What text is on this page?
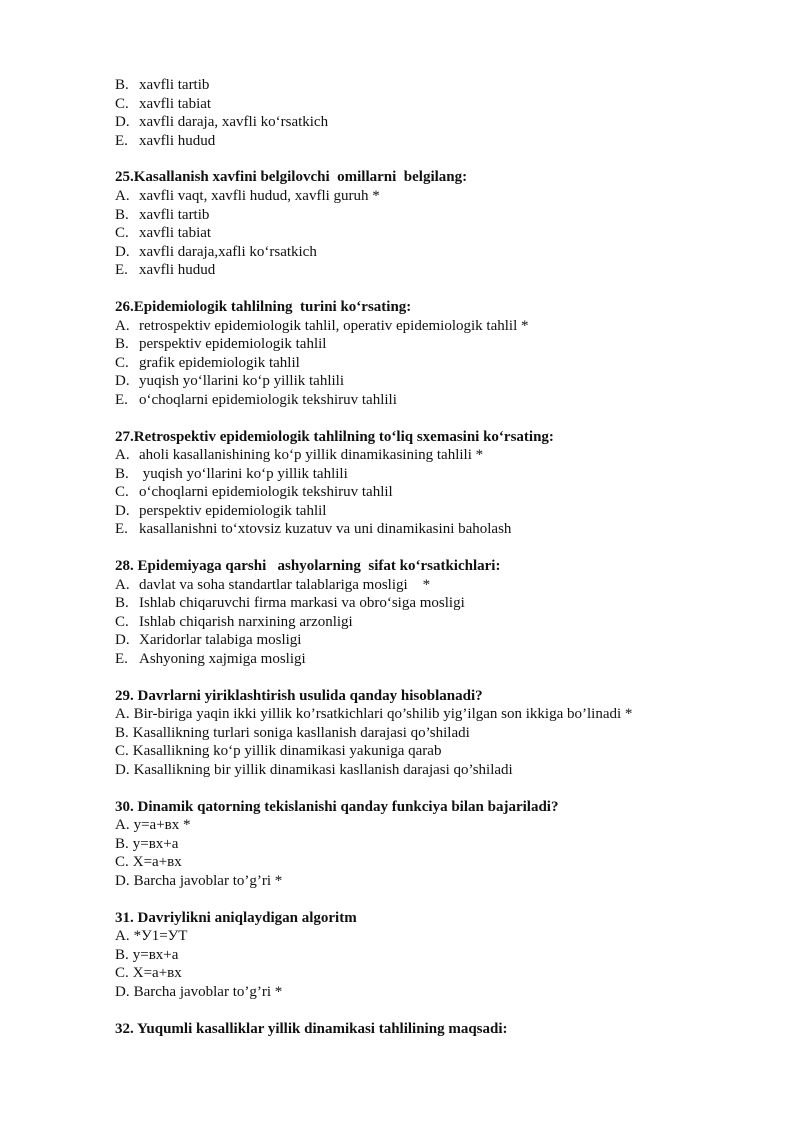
B. xavfli tartib
C. xavfli tabiat
D. xavfli daraja, xavfli koʻrsatkich
E. xavfli hudud
25.Kasallanish xavfini belgilovchi  omillarni  belgilang:
A. xavfli vaqt, xavfli hudud, xavfli guruh *
B. xavfli tartib
C. xavfli tabiat
D. xavfli daraja,xafli koʻrsatkich
E. xavfli hudud
26.Epidemiologik tahlilning  turini koʻrsating:
A. retrospektiv epidemiologik tahlil, operativ epidemiologik tahlil *
B. perspektiv epidemiologik tahlil
C. grafik epidemiologik tahlil
D. yuqish yoʻllarini koʻp yillik tahlili
E. oʻchoqlarni epidemiologik tekshiruv tahlili
27.Retrospektiv epidemiologik tahlilning toʻliq sxemasini koʻrsating:
A. aholi kasallanishining koʻp yillik dinamikasining tahlili *
B. yuqish yoʻllarini koʻp yillik tahlili
C. oʻchoqlarni epidemiologik tekshiruv tahlil
D. perspektiv epidemiologik tahlil
E. kasallanishni toʻxtovsiz kuzatuv va uni dinamikasini baholash
28. Epidemiyaga qarshi   ashyolarning  sifat koʻrsatkichlari:
A. davlat va soha standartlar talablariga mosligi    *
B. Ishlab chiqaruvchi firma markasi va obroʻsiga mosligi
C. Ishlab chiqarish narxining arzonligi
D. Xaridorlar talabiga mosligi
E. Ashyoning xajmiga mosligi
29. Davrlarni yiriklashtirish usulida qanday hisoblanadi?
A. Bir-biriga yaqin ikki yillik ko’rsatkichlari qo’shilib yig’ilgan son ikkiga bo’linadi *
B. Kasallikning turlari soniga kasllanish darajasi qo’shiladi
C. Kasallikning koʻp yillik dinamikasi yakuniga qarab
D. Kasallikning bir yillik dinamikasi kasllanish darajasi qo’shiladi
30. Dinamik qatorning tekislanishi qanday funkciya bilan bajariladi?
A. y=a+вх *
B. y=вх+a
C. X=a+вх
D. Barcha javoblar to’g’ri *
31. Davriylikni aniqlaydigan algoritm
A. *У1=УТ
B. y=вх+a
C. X=a+вх
D. Barcha javoblar to’g’ri *
32. Yuqumli kasalliklar yillik dinamikasi tahlilining maqsadi:
